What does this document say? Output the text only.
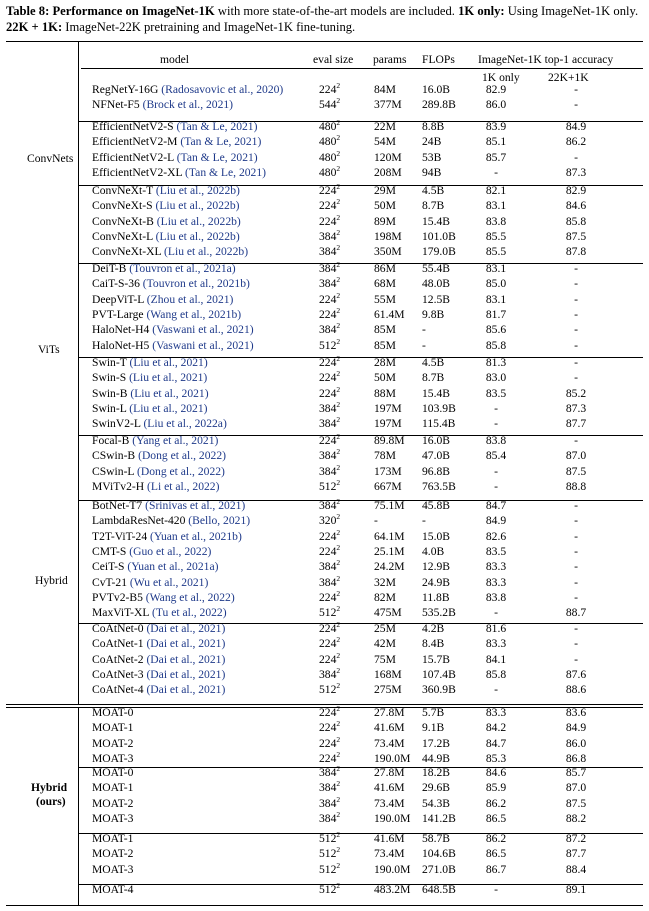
Table 8: Performance on ImageNet-1K with more state-of-the-art models are included. 1K only: Using ImageNet-1K only. 22K + 1K: ImageNet-22K pretraining and ImageNet-1K fine-tuning.
model	eval size params FLOPs ImageNet-1K top-1 accuracy
1K only 22K+1K
ConvNets
ViTs
Hybrid
Hybrid
(ours)
RegNetY-16G (Radosavovic et al., 2020)	$224^2$	84M 16.0B	82.9	-
NFNet-F5 (Brock et al., 2021)	$544^2$	377M 289.8B	86.0	-
EfficientNetV2-S (Tan & Le, 2021)	$480^2$	22M 8.8B	83.9	84.9
EfficientNetV2-M (Tan & Le, 2021)	$480^2$	54M 24B	85.1	86.2
EfficientNetV2-L (Tan & Le, 2021)	$480^2$	120M 53B	85.7	-
EfficientNetV2-XL (Tan & Le, 2021)	$480^2$	208M 94B	-	87.3
ConvNeXt-T (Liu et al., 2022b)	$224^2$	29M 4.5B	82.1	82.9
ConvNeXt-S (Liu et al., 2022b)	$224^2$	50M 8.7B	83.1	84.6
ConvNeXt-B (Liu et al., 2022b)	$224^2$	89M 15.4B	83.8	85.8
ConvNeXt-L (Liu et al., 2022b)	$384^2$	198M 101.0B	85.5	87.5
ConvNeXt-XL (Liu et al., 2022b)	$384^2$	350M 179.0B	85.5	87.8
DeiT-B (Touvron et al., 2021a)	$384^2$	86M 55.4B	83.1	-
CaiT-S-36 (Touvron et al., 2021b)	$384^2$	68M 48.0B	85.0	-
DeepViT-L (Zhou et al., 2021)	$224^2$	55M 12.5B	83.1	-
PVT-Large (Wang et al., 2021b)	$224^2$	61.4M 9.8B	81.7	-
HaloNet-H4 (Vaswani et al., 2021)	$384^2$	85M -	85.6	-
HaloNet-H5 (Vaswani et al., 2021)	$512^2$	85M -	85.8	-
Swin-T (Liu et al., 2021)	$224^2$	28M 4.5B	81.3	-
Swin-S (Liu et al., 2021)	$224^2$	50M 8.7B	83.0	-
Swin-B (Liu et al., 2021)	$224^2$	88M 15.4B	83.5	85.2
Swin-L (Liu et al., 2021)	$384^2$	197M 103.9B	-	87.3
SwinV2-L (Liu et al., 2022a)	$384^2$	197M 115.4B	-	87.7
Focal-B (Yang et al., 2021)	$224^2$	89.8M 16.0B	83.8	-
CSwin-B (Dong et al., 2022)	$384^2$	78M 47.0B	85.4	87.0
CSwin-L (Dong et al., 2022)	$384^2$	173M 96.8B	-	87.5
MViTv2-H (Li et al., 2022)	$512^2$	667M 763.5B	-	88.8
BotNet-T7 (Srinivas et al., 2021)	$384^2$	75.1M 45.8B	84.7	-
LambdaResNet-420 (Bello, 2021)	$320^2$	-	-	84.9	-
T2T-ViT-24 (Yuan et al., 2021b)	$224^2$	64.1M 15.0B	82.6	-
CMT-S (Guo et al., 2022)	$224^2$	25.1M 4.0B	83.5	-
CeiT-S (Yuan et al., 2021a)	$384^2$	24.2M 12.9B	83.3	-
CvT-21 (Wu et al., 2021)	$384^2$	32M 24.9B	83.3	-
PVTv2-B5 (Wang et al., 2022)	$224^2$	82M 11.8B	83.8	-
MaxViT-XL (Tu et al., 2022)	$512^2$	475M 535.2B	-	88.7
CoAtNet-0 (Dai et al., 2021)	$224^2$	25M 4.2B	81.6	-
CoAtNet-1 (Dai et al., 2021)	$224^2$	42M 8.4B	83.3	-
CoAtNet-2 (Dai et al., 2021)	$224^2$	75M 15.7B	84.1	-
CoAtNet-3 (Dai et al., 2021)	$384^2$	168M 107.4B	85.8	87.6
CoAtNet-4 (Dai et al., 2021)	$512^2$	275M 360.9B	-	88.6
MOAT-0	$224^2$	27.8M 5.7B	83.3	83.6
MOAT-1	$224^2$	41.6M 9.1B	84.2	84.9
MOAT-2	$224^2$	73.4M 17.2B	84.7	86.0
MOAT-3	$224^2$	190.0M 44.9B	85.3	86.8
MOAT-0	$384^2$	27.8M 18.2B	84.6	85.7
MOAT-1	$384^2$	41.6M 29.6B	85.9	87.0
MOAT-2	$384^2$	73.4M 54.3B	86.2	87.5
MOAT-3	$384^2$	190.0M 141.2B	86.5	88.2
MOAT-1	$512^2$	41.6M 58.7B	86.2	87.2
MOAT-2	$512^2$	73.4M 104.6B	86.5	87.7
MOAT-3	$512^2$	190.0M 271.0B	86.7	88.4
MOAT-4	$512^2$	483.2M 648.5B	-	89.1
